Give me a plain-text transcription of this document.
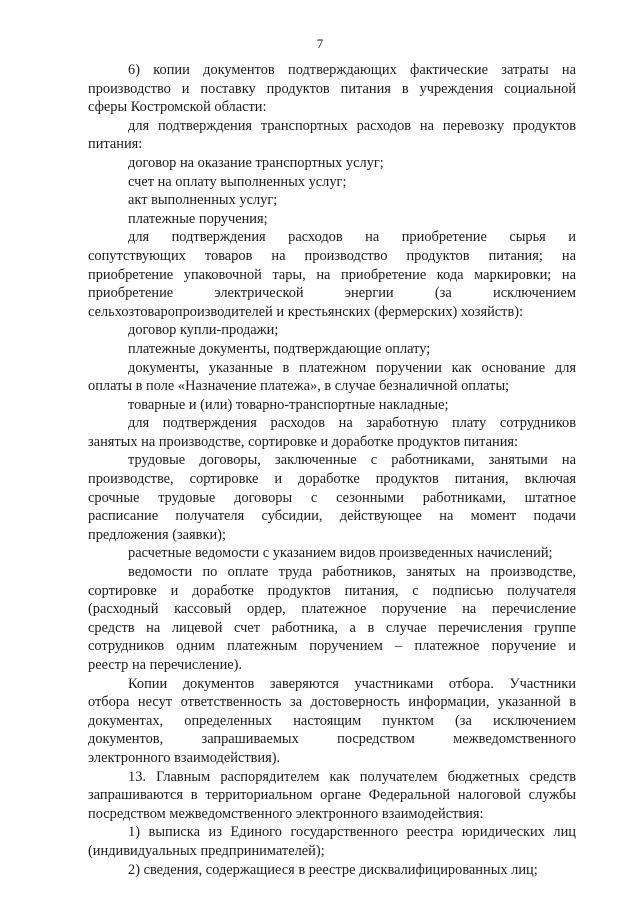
7
6) копии документов подтверждающих фактические затраты на
производство и поставку продуктов питания в учреждения социальной
сферы Костромской области:
для подтверждения транспортных расходов на перевозку продуктов
питания:
договор на оказание транспортных услуг;
счет на оплату выполненных услуг;
акт выполненных услуг;
платежные поручения;
для подтверждения расходов на приобретение сырья и
сопутствующих товаров на производство продуктов питания; на
приобретение упаковочной тары, на приобретение кода маркировки; на
приобретение электрической энергии (за исключением
сельхозтоваропроизводителей и крестьянских (фермерских) хозяйств):
договор купли-продажи;
платежные документы, подтверждающие оплату;
документы, указанные в платежном поручении как основание для
оплаты в поле «Назначение платежа», в случае безналичной оплаты;
товарные и (или) товарно-транспортные накладные;
для подтверждения расходов на заработную плату сотрудников
занятых на производстве, сортировке и доработке продуктов питания:
трудовые договоры, заключенные с работниками, занятыми на
производстве, сортировке и доработке продуктов питания, включая
срочные трудовые договоры с сезонными работниками, штатное
расписание получателя субсидии, действующее на момент подачи
предложения (заявки);
расчетные ведомости с указанием видов произведенных начислений;
ведомости по оплате труда работников, занятых на производстве,
сортировке и доработке продуктов питания, с подписью получателя
(расходный кассовый ордер, платежное поручение на перечисление
средств на лицевой счет работника, а в случае перечисления группе
сотрудников одним платежным поручением – платежное поручение и
реестр на перечисление).
Копии документов заверяются участниками отбора. Участники
отбора несут ответственность за достоверность информации, указанной в
документах, определенных настоящим пунктом (за исключением
документов, запрашиваемых посредством межведомственного
электронного взаимодействия).
13. Главным распорядителем как получателем бюджетных средств
запрашиваются в территориальном органе Федеральной налоговой службы
посредством межведомственного электронного взаимодействия:
1) выписка из Единого государственного реестра юридических лиц
(индивидуальных предпринимателей);
2) сведения, содержащиеся в реестре дисквалифицированных лиц;
